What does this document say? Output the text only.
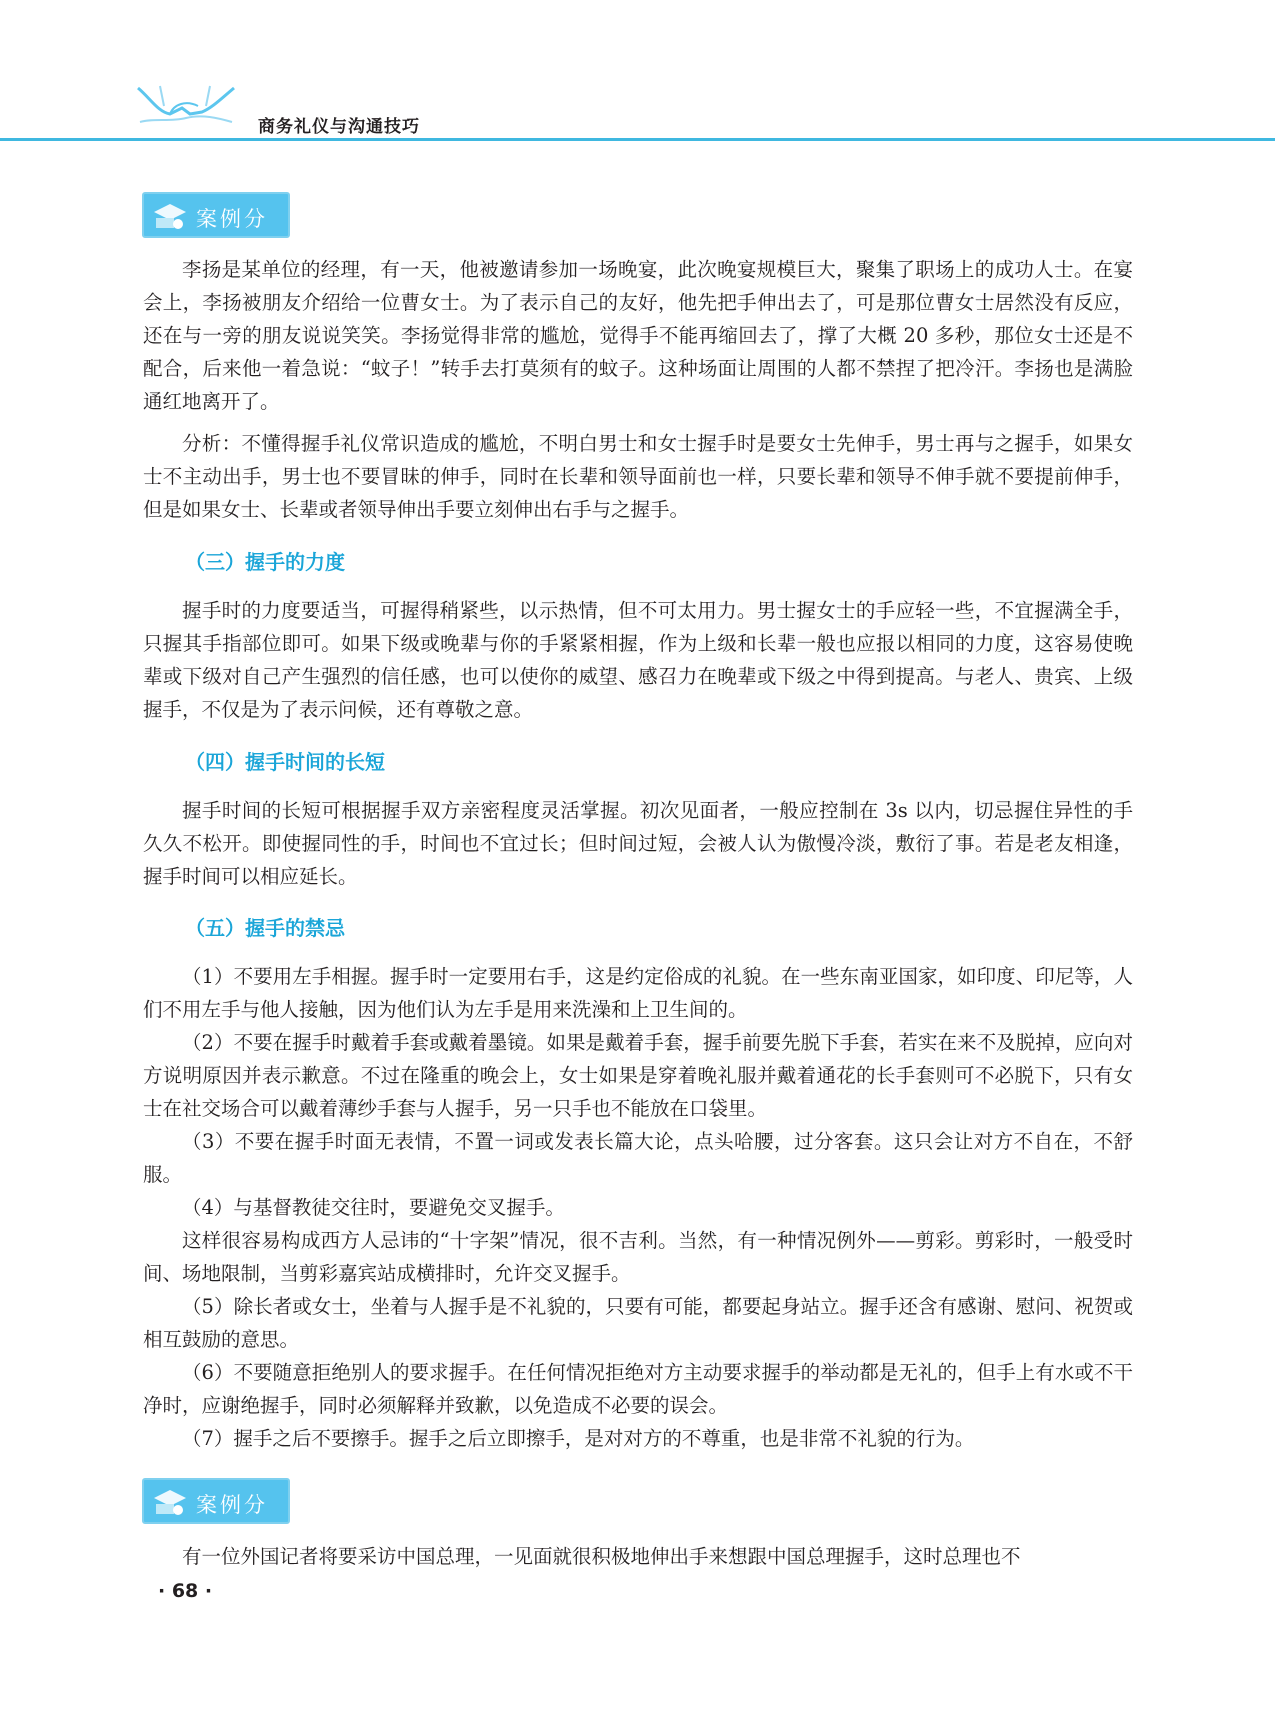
商务礼仪与沟通技巧
案例分析

李扬是某单位的经理，有一天，他被邀请参加一场晚宴，此次晚宴规模巨大，聚集了职场上的成功人士。在宴会上，李扬被朋友介绍给一位曹女士。为了表示自己的友好，他先把手伸出去了，可是那位曹女士居然没有反应，还在与一旁的朋友说说笑笑。李扬觉得非常的尴尬，觉得手不能再缩回去了，撑了大概 20 多秒，那位女士还是不配合，后来他一着急说：“蚊子！”转手去打莫须有的蚊子。这种场面让周围的人都不禁捏了把冷汗。李扬也是满脸通红地离开了。

分析：不懂得握手礼仪常识造成的尴尬，不明白男士和女士握手时是要女士先伸手，男士再与之握手，如果女士不主动出手，男士也不要冒昧的伸手，同时在长辈和领导面前也一样，只要长辈和领导不伸手就不要提前伸手，但是如果女士、长辈或者领导伸出手要立刻伸出右手与之握手。

（三）握手的力度

握手时的力度要适当，可握得稍紧些，以示热情，但不可太用力。男士握女士的手应轻一些，不宜握满全手，只握其手指部位即可。如果下级或晚辈与你的手紧紧相握，作为上级和长辈一般也应报以相同的力度，这容易使晚辈或下级对自己产生强烈的信任感，也可以使你的威望、感召力在晚辈或下级之中得到提高。与老人、贵宾、上级握手，不仅是为了表示问候，还有尊敬之意。

（四）握手时间的长短

握手时间的长短可根据握手双方亲密程度灵活掌握。初次见面者，一般应控制在 3s 以内，切忌握住异性的手久久不松开。即使握同性的手，时间也不宜过长；但时间过短，会被人认为傲慢冷淡，敷衍了事。若是老友相逢，握手时间可以相应延长。

（五）握手的禁忌

（1）不要用左手相握。握手时一定要用右手，这是约定俗成的礼貌。在一些东南亚国家，如印度、印尼等，人们不用左手与他人接触，因为他们认为左手是用来洗澡和上卫生间的。

（2）不要在握手时戴着手套或戴着墨镜。如果是戴着手套，握手前要先脱下手套，若实在来不及脱掉，应向对方说明原因并表示歉意。不过在隆重的晚会上，女士如果是穿着晚礼服并戴着通花的长手套则可不必脱下，只有女士在社交场合可以戴着薄纱手套与人握手，另一只手也不能放在口袋里。

（3）不要在握手时面无表情，不置一词或发表长篇大论，点头哈腰，过分客套。这只会让对方不自在，不舒服。

（4）与基督教徒交往时，要避免交叉握手。

这样很容易构成西方人忌讳的“十字架”情况，很不吉利。当然，有一种情况例外——剪彩。剪彩时，一般受时间、场地限制，当剪彩嘉宾站成横排时，允许交叉握手。

（5）除长者或女士，坐着与人握手是不礼貌的，只要有可能，都要起身站立。握手还含有感谢、慰问、祝贺或相互鼓励的意思。

（6）不要随意拒绝别人的要求握手。在任何情况拒绝对方主动要求握手的举动都是无礼的，但手上有水或不干净时，应谢绝握手，同时必须解释并致歉，以免造成不必要的误会。

（7）握手之后不要擦手。握手之后立即擦手，是对对方的不尊重，也是非常不礼貌的行为。

案例分析

有一位外国记者将要采访中国总理，一见面就很积极地伸出手来想跟中国总理握手，这时总理也不

· 68 ·
